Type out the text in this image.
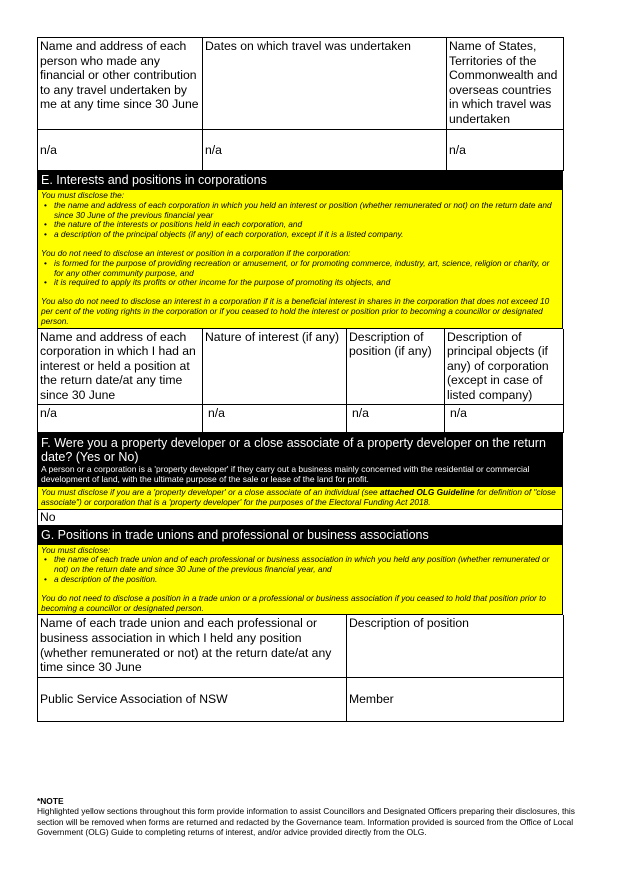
Name and address of each person who made any financial or other contribution to any travel undertaken by me at any time since 30 June	Dates on which travel was undertaken	Name of States, Territories of the Commonwealth and overseas countries in which travel was undertaken
n/a	n/a	n/a
E. Interests and positions in corporations

You must disclose the:

• the name and address of each corporation in which you held an interest or position (whether remunerated or not) on the return date and since 30 June of the previous financial year
• the nature of the interests or positions held in each corporation, and
• a description of the principal objects (if any) of each corporation, except if it is a listed company.

You do not need to disclose an interest or position in a corporation if the corporation:

• is formed for the purpose of providing recreation or amusement, or for promoting commerce, industry, art, science, religion or charity, or for any other community purpose, and
• it is required to apply its profits or other income for the purpose of promoting its objects, and

You also do not need to disclose an interest in a corporation if it is a beneficial interest in shares in the corporation that does not exceed 10 per cent of the voting rights in the corporation or if you ceased to hold the interest or position prior to becoming a councillor or designated person.

Name and address of each corporation in which I had an interest or held a position at the return date/at any time since 30 June	Nature of interest (if any)	Description of position (if any)	Description of principal objects (if any) of corporation (except in case of listed company)
n/a	n/a	n/a	n/a
F. Were you a property developer or a close associate of a property developer on the return date? (Yes or No)
A person or a corporation is a 'property developer' if they carry out a business mainly concerned with the residential or commercial development of land, with the ultimate purpose of the sale or lease of the land for profit.
You must disclose if you are a 'property developer' or a close associate of an individual (see attached OLG Guideline for definition of "close associate") or corporation that is a 'property developer' for the purposes of the Electoral Funding Act 2018.
No
G. Positions in trade unions and professional or business associations

You must disclose:

• the name of each trade union and of each professional or business association in which you held any position (whether remunerated or not) on the return date and since 30 June of the previous financial year, and
• a description of the position.

You do not need to disclose a position in a trade union or a professional or business association if you ceased to hold that position prior to becoming a councillor or designated person.

Name of each trade union and each professional or business association in which I held any position (whether remunerated or not) at the return date/at any time since 30 June	Description of position
Public Service Association of NSW	Member
*NOTE
Highlighted yellow sections throughout this form provide information to assist Councillors and Designated Officers preparing their disclosures, this section will be removed when forms are returned and redacted by the Governance team. Information provided is sourced from the Office of Local Government (OLG) Guide to completing returns of interest, and/or advice provided directly from the OLG.
